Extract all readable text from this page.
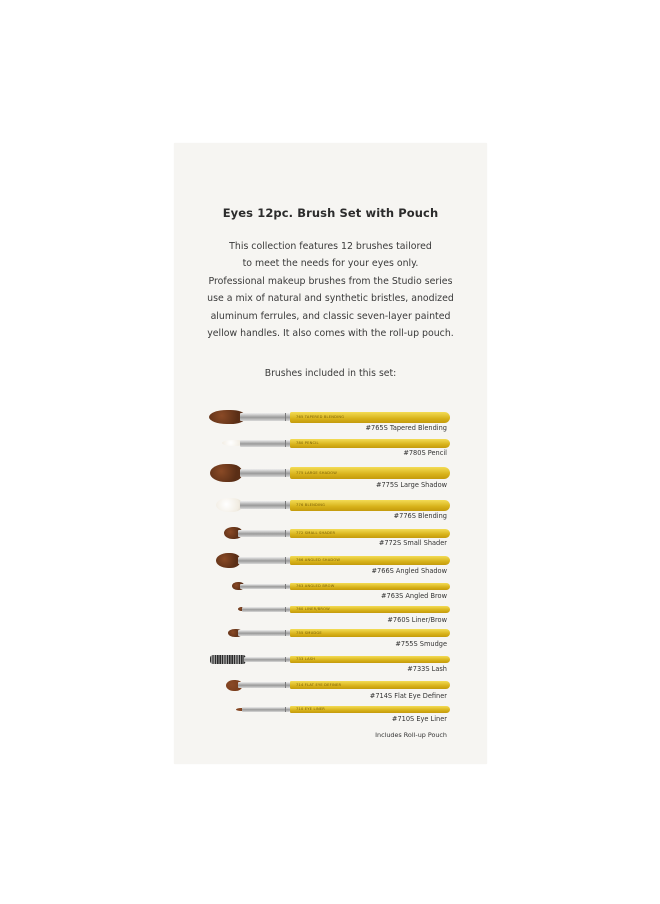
Eyes 12pc. Brush Set with Pouch

This collection features 12 brushes tailored
to meet the needs for your eyes only.
Professional makeup brushes from the Studio series
use a mix of natural and synthetic bristles, anodized
aluminum ferrules, and classic seven-layer painted
yellow handles. It also comes with the roll-up pouch.

Brushes included in this set:
765 TAPERED BLENDING
#765S Tapered Blending
780 PENCIL
#780S Pencil
775 LARGE SHADOW
#775S Large Shadow
776 BLENDING
#776S Blending
772 SMALL SHADER
#772S Small Shader
766 ANGLED SHADOW
#766S Angled Shadow
763 ANGLED BROW
#763S Angled Brow
760 LINER/BROW
#760S Liner/Brow
755 SMUDGE
#755S Smudge
733 LASH
#733S Lash
714 FLAT EYE DEFINER
#714S Flat Eye Definer
710 EYE LINER
#710S Eye Liner
Includes Roll-up Pouch
